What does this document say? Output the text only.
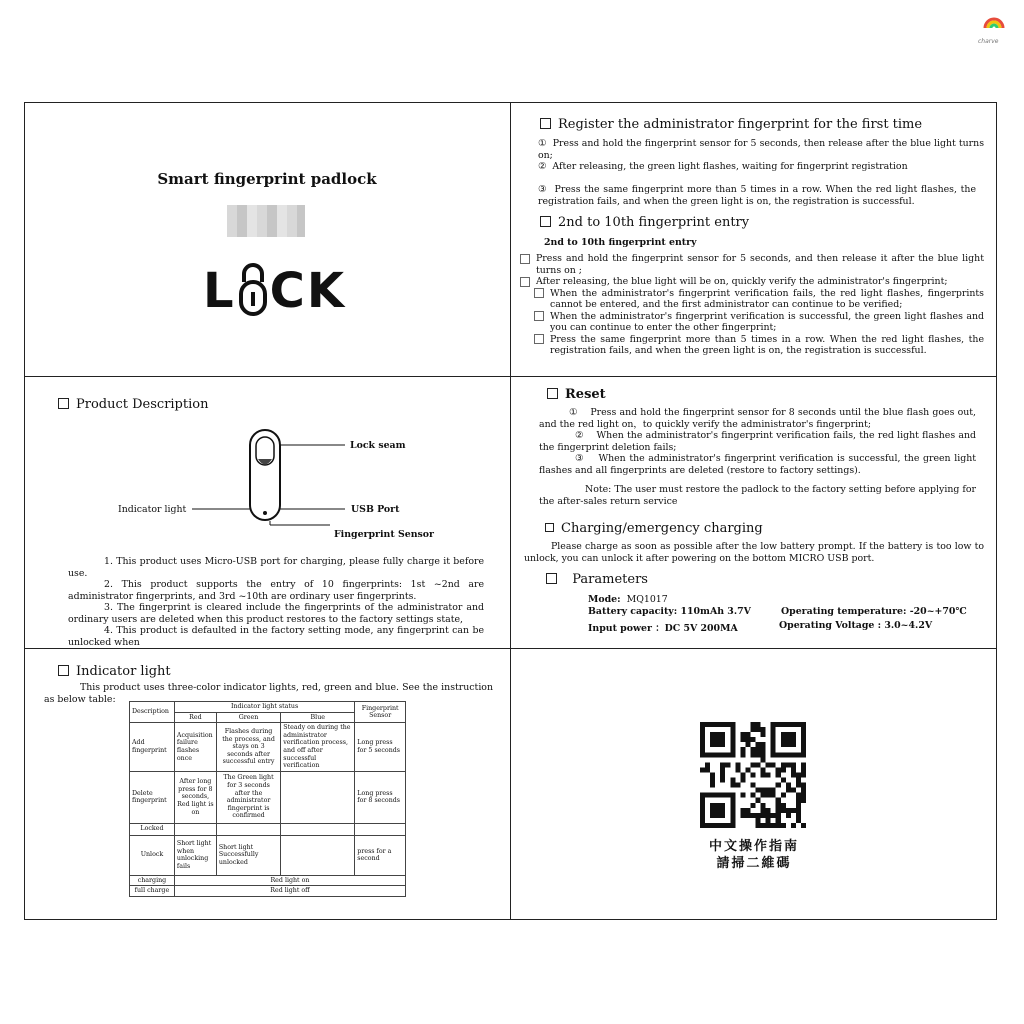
charve
Smart fingerprint padlock
L CK
Register the administrator fingerprint for the first time
① Press and hold the fingerprint sensor for 5 seconds, then release after the blue light turns on;
② After releasing, the green light flashes, waiting for fingerprint registration
③ Press the same fingerprint more than 5 times in a row. When the red light flashes, the registration fails, and when the green light is on, the registration is successful.
2nd to 10th fingerprint entry
2nd to 10th fingerprint entry
Press and hold the fingerprint sensor for 5 seconds, and then release it after the blue light turns on ;
After releasing, the blue light will be on, quickly verify the administrator's fingerprint;
When the administrator's fingerprint verification fails, the red light flashes, fingerprints cannot be entered, and the first administrator can continue to be verified;
When the administrator's fingerprint verification is successful, the green light flashes and you can continue to enter the other fingerprint;
Press the same fingerprint more than 5 times in a row. When the red light flashes, the registration fails, and when the green light is on, the registration is successful.
Product Description
Lock seam
Indicator light	USB Port
Fingerprint Sensor
1. This product uses Micro-USB port for charging, please fully charge it before use.
2. This product supports the entry of 10 fingerprints: 1st ~2nd are administrator fingerprints, and 3rd ~10th are ordinary user fingerprints.
3. The fingerprint is cleared include the fingerprints of the administrator and ordinary users are deleted when this product restores to the factory settings state,
4. This product is defaulted in the factory setting mode, any fingerprint can be unlocked when
Reset
① Press and hold the fingerprint sensor for 8 seconds until the blue flash goes out, and the red light on，to quickly verify the administrator's fingerprint;
② When the administrator's fingerprint verification fails, the red light flashes and the fingerprint deletion fails;
③ When the administrator's fingerprint verification is successful, the green light flashes and all fingerprints are deleted (restore to factory settings).
Note: The user must restore the padlock to the factory setting before applying for the after-sales return service
Charging/emergency charging
Please charge as soon as possible after the low battery prompt. If the battery is too low to unlock, you can unlock it after powering on the bottom MICRO USB port.
Parameters
Mode: MQ1017
Battery capacity: 110mAh 3.7V	Operating temperature: -20~+70℃
Input power ：DC 5V 200MA	Operating Voltage : 3.0~4.2V
Indicator light
This product uses three-color indicator lights, red, green and blue. See the instruction as below table:
Description	Indicator light status			Fingerprint Sensor
	Red	Green	Blue	
Add fingerprint	Acquisition failure flashes once	Flashes during the process, and stays on 3 seconds after successful entry	Steady on during the administrator verification process, and off after successful verification	Long press for 5 seconds
Delete fingerprint	After long press for 8 seconds, Red light is on	The Green light for 3 seconds after the administrator fingerprint is confirmed		Long press for 8 seconds
Locked				
Unlock	Short light when unlocking fails	Short light Successfully unlocked		press for a second
charging	Red light on			
full charge	Red light off			
中文操作指南
請掃二維碼
